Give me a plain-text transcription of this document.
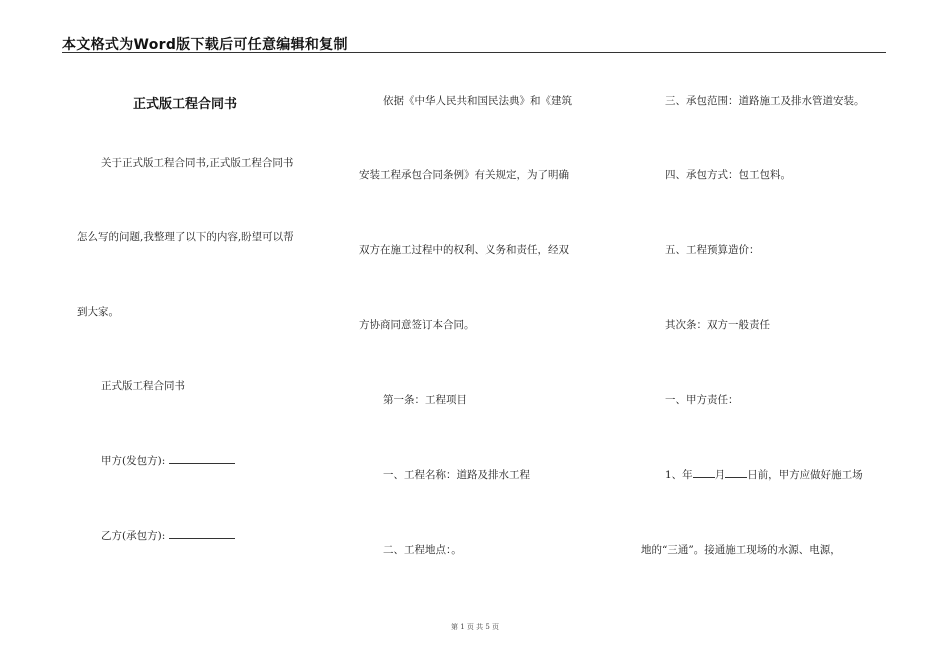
本文格式为Word版下载后可任意编辑和复制
正式版工程合同书
关于正式版工程合同书,正式版工程合同书
怎么写的问题,我整理了以下的内容,盼望可以帮
到大家。
正式版工程合同书
甲方(发包方):
乙方(承包方):
依据《中华人民共和国民法典》和《建筑
安装工程承包合同条例》有关规定，为了明确
双方在施工过程中的权利、义务和责任，经双
方协商同意签订本合同。
第一条：工程项目
一、工程名称：道路及排水工程
二、工程地点：。
三、承包范围：道路施工及排水管道安装。
四、承包方式：包工包料。
五、工程预算造价：
其次条：双方一般责任
一、甲方责任：
1、年 月 日前，甲方应做好施工场
地的“三通”。接通施工现场的水源、电源，
第 1 页 共 5 页
